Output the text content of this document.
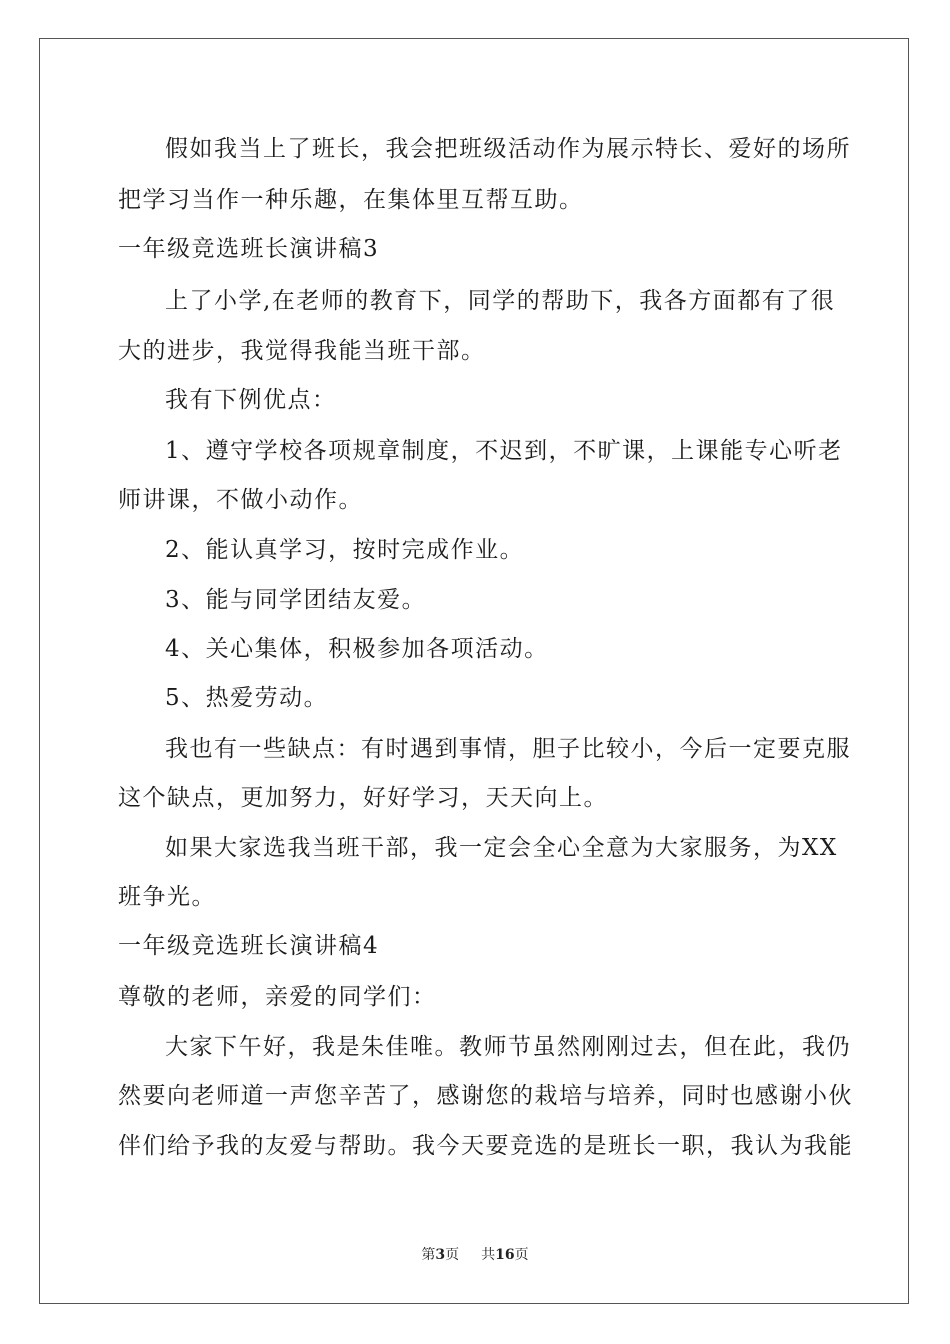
假如我当上了班长，我会把班级活动作为展示特长、爱好的场所
把学习当作一种乐趣，在集体里互帮互助。
一年级竞选班长演讲稿3
上了小学,在老师的教育下，同学的帮助下，我各方面都有了很
大的进步，我觉得我能当班干部。
我有下例优点：
1、遵守学校各项规章制度，不迟到，不旷课，上课能专心听老
师讲课，不做小动作。
2、能认真学习，按时完成作业。
3、能与同学团结友爱。
4、关心集体，积极参加各项活动。
5、热爱劳动。
我也有一些缺点：有时遇到事情，胆子比较小，今后一定要克服
这个缺点，更加努力，好好学习，天天向上。
如果大家选我当班干部，我一定会全心全意为大家服务，为XX
班争光。
一年级竞选班长演讲稿4
尊敬的老师，亲爱的同学们：
大家下午好，我是朱佳唯。教师节虽然刚刚过去，但在此，我仍
然要向老师道一声您辛苦了，感谢您的栽培与培养，同时也感谢小伙
伴们给予我的友爱与帮助。我今天要竞选的是班长一职，我认为我能
第3页 共16页
